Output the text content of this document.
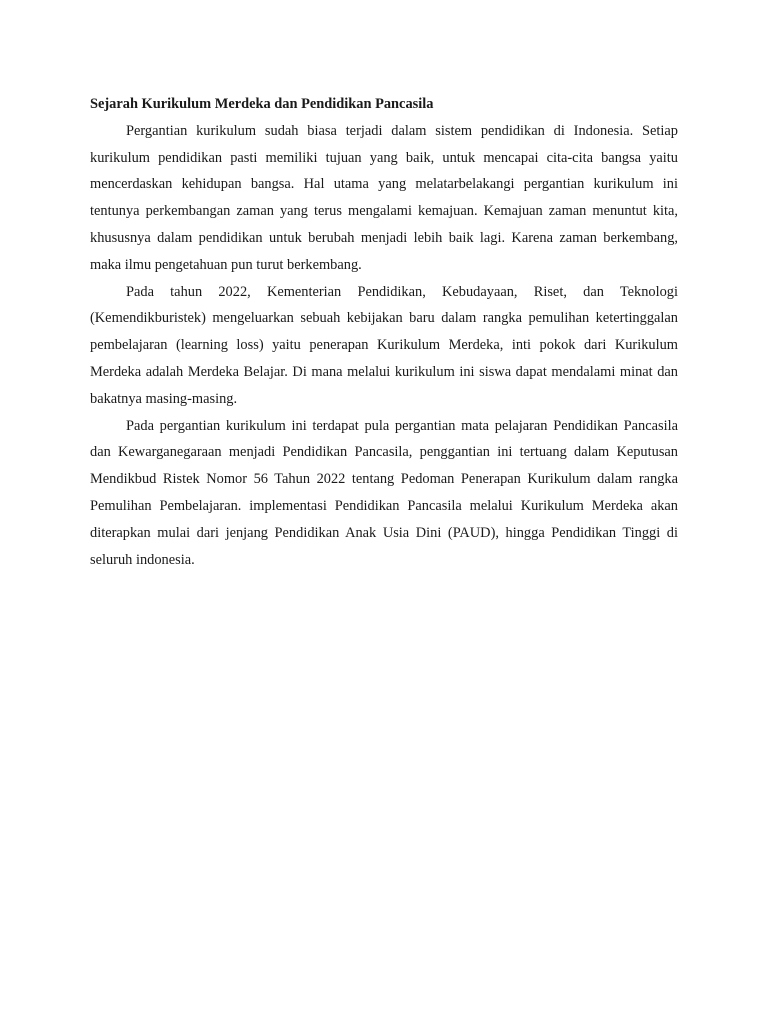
Sejarah Kurikulum Merdeka dan Pendidikan Pancasila

Pergantian kurikulum sudah biasa terjadi dalam sistem pendidikan di Indonesia. Setiap kurikulum pendidikan pasti memiliki tujuan yang baik, untuk mencapai cita-cita bangsa yaitu mencerdaskan kehidupan bangsa. Hal utama yang melatarbelakangi pergantian kurikulum ini tentunya perkembangan zaman yang terus mengalami kemajuan. Kemajuan zaman menuntut kita, khususnya dalam pendidikan untuk berubah menjadi lebih baik lagi. Karena zaman berkembang, maka ilmu pengetahuan pun turut berkembang.

Pada tahun 2022, Kementerian Pendidikan, Kebudayaan, Riset, dan Teknologi (Kemendikburistek) mengeluarkan sebuah kebijakan baru dalam rangka pemulihan ketertinggalan pembelajaran (learning loss) yaitu penerapan Kurikulum Merdeka, inti pokok dari Kurikulum Merdeka adalah Merdeka Belajar. Di mana melalui kurikulum ini siswa dapat mendalami minat dan bakatnya masing-masing.

Pada pergantian kurikulum ini terdapat pula pergantian mata pelajaran Pendidikan Pancasila dan Kewarganegaraan menjadi Pendidikan Pancasila, penggantian ini tertuang dalam Keputusan Mendikbud Ristek Nomor 56 Tahun 2022 tentang Pedoman Penerapan Kurikulum dalam rangka Pemulihan Pembelajaran. implementasi Pendidikan Pancasila melalui Kurikulum Merdeka akan diterapkan mulai dari jenjang Pendidikan Anak Usia Dini (PAUD), hingga Pendidikan Tinggi di seluruh indonesia.
